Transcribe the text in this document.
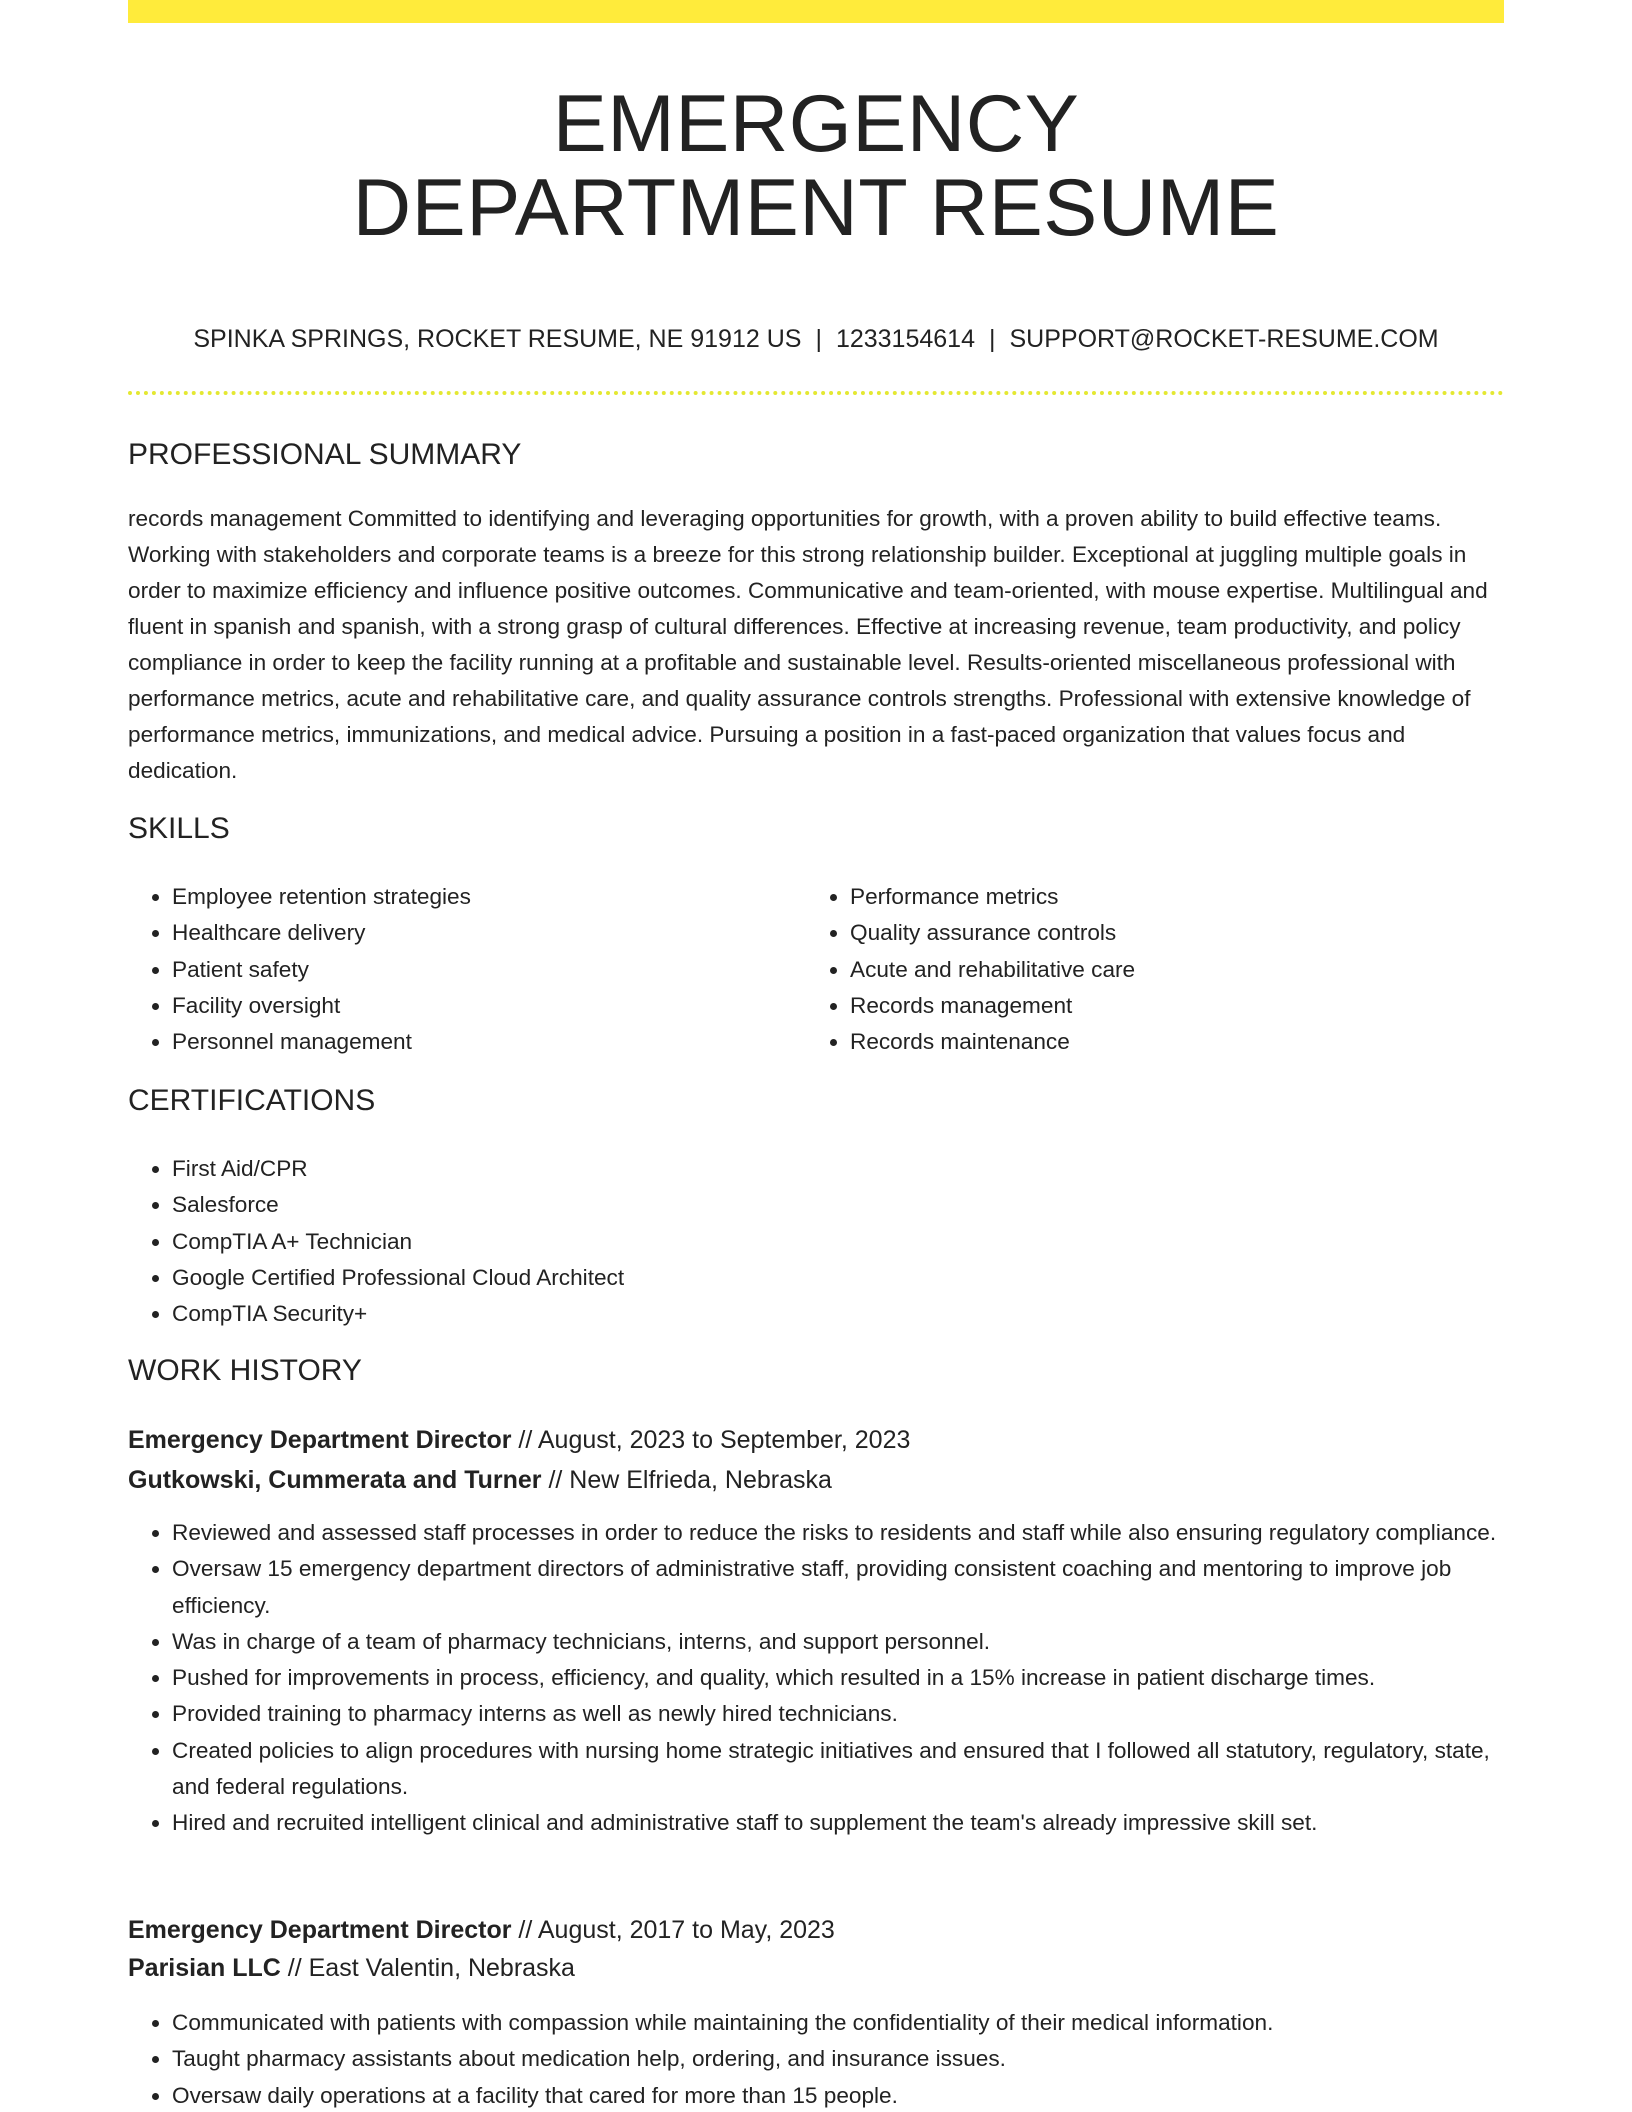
EMERGENCY
DEPARTMENT RESUME
SPINKA SPRINGS, ROCKET RESUME, NE 91912 US | 1233154614 | SUPPORT@ROCKET-RESUME.COM
PROFESSIONAL SUMMARY

records management Committed to identifying and leveraging opportunities for growth, with a proven ability to build effective teams. Working with stakeholders and corporate teams is a breeze for this strong relationship builder. Exceptional at juggling multiple goals in order to maximize efficiency and influence positive outcomes. Communicative and team-oriented, with mouse expertise. Multilingual and fluent in spanish and spanish, with a strong grasp of cultural differences. Effective at increasing revenue, team productivity, and policy compliance in order to keep the facility running at a profitable and sustainable level. Results-oriented miscellaneous professional with performance metrics, acute and rehabilitative care, and quality assurance controls strengths. Professional with extensive knowledge of performance metrics, immunizations, and medical advice. Pursuing a position in a fast-paced organization that values focus and dedication.

SKILLS
• Employee retention strategies
• Healthcare delivery
• Patient safety
• Facility oversight
• Personnel management
• Performance metrics
• Quality assurance controls
• Acute and rehabilitative care
• Records management
• Records maintenance
CERTIFICATIONS
• First Aid/CPR
• Salesforce
• CompTIA A+ Technician
• Google Certified Professional Cloud Architect
• CompTIA Security+
WORK HISTORY
Emergency Department Director // August, 2023 to September, 2023
Gutkowski, Cummerata and Turner // New Elfrieda, Nebraska
• Reviewed and assessed staff processes in order to reduce the risks to residents and staff while also ensuring regulatory compliance.
• Oversaw 15 emergency department directors of administrative staff, providing consistent coaching and mentoring to improve job efficiency.
• Was in charge of a team of pharmacy technicians, interns, and support personnel.
• Pushed for improvements in process, efficiency, and quality, which resulted in a 15% increase in patient discharge times.
• Provided training to pharmacy interns as well as newly hired technicians.
• Created policies to align procedures with nursing home strategic initiatives and ensured that I followed all statutory, regulatory, state, and federal regulations.
• Hired and recruited intelligent clinical and administrative staff to supplement the team's already impressive skill set.
Emergency Department Director // August, 2017 to May, 2023
Parisian LLC // East Valentin, Nebraska
• Communicated with patients with compassion while maintaining the confidentiality of their medical information.
• Taught pharmacy assistants about medication help, ordering, and insurance issues.
• Oversaw daily operations at a facility that cared for more than 15 people.
